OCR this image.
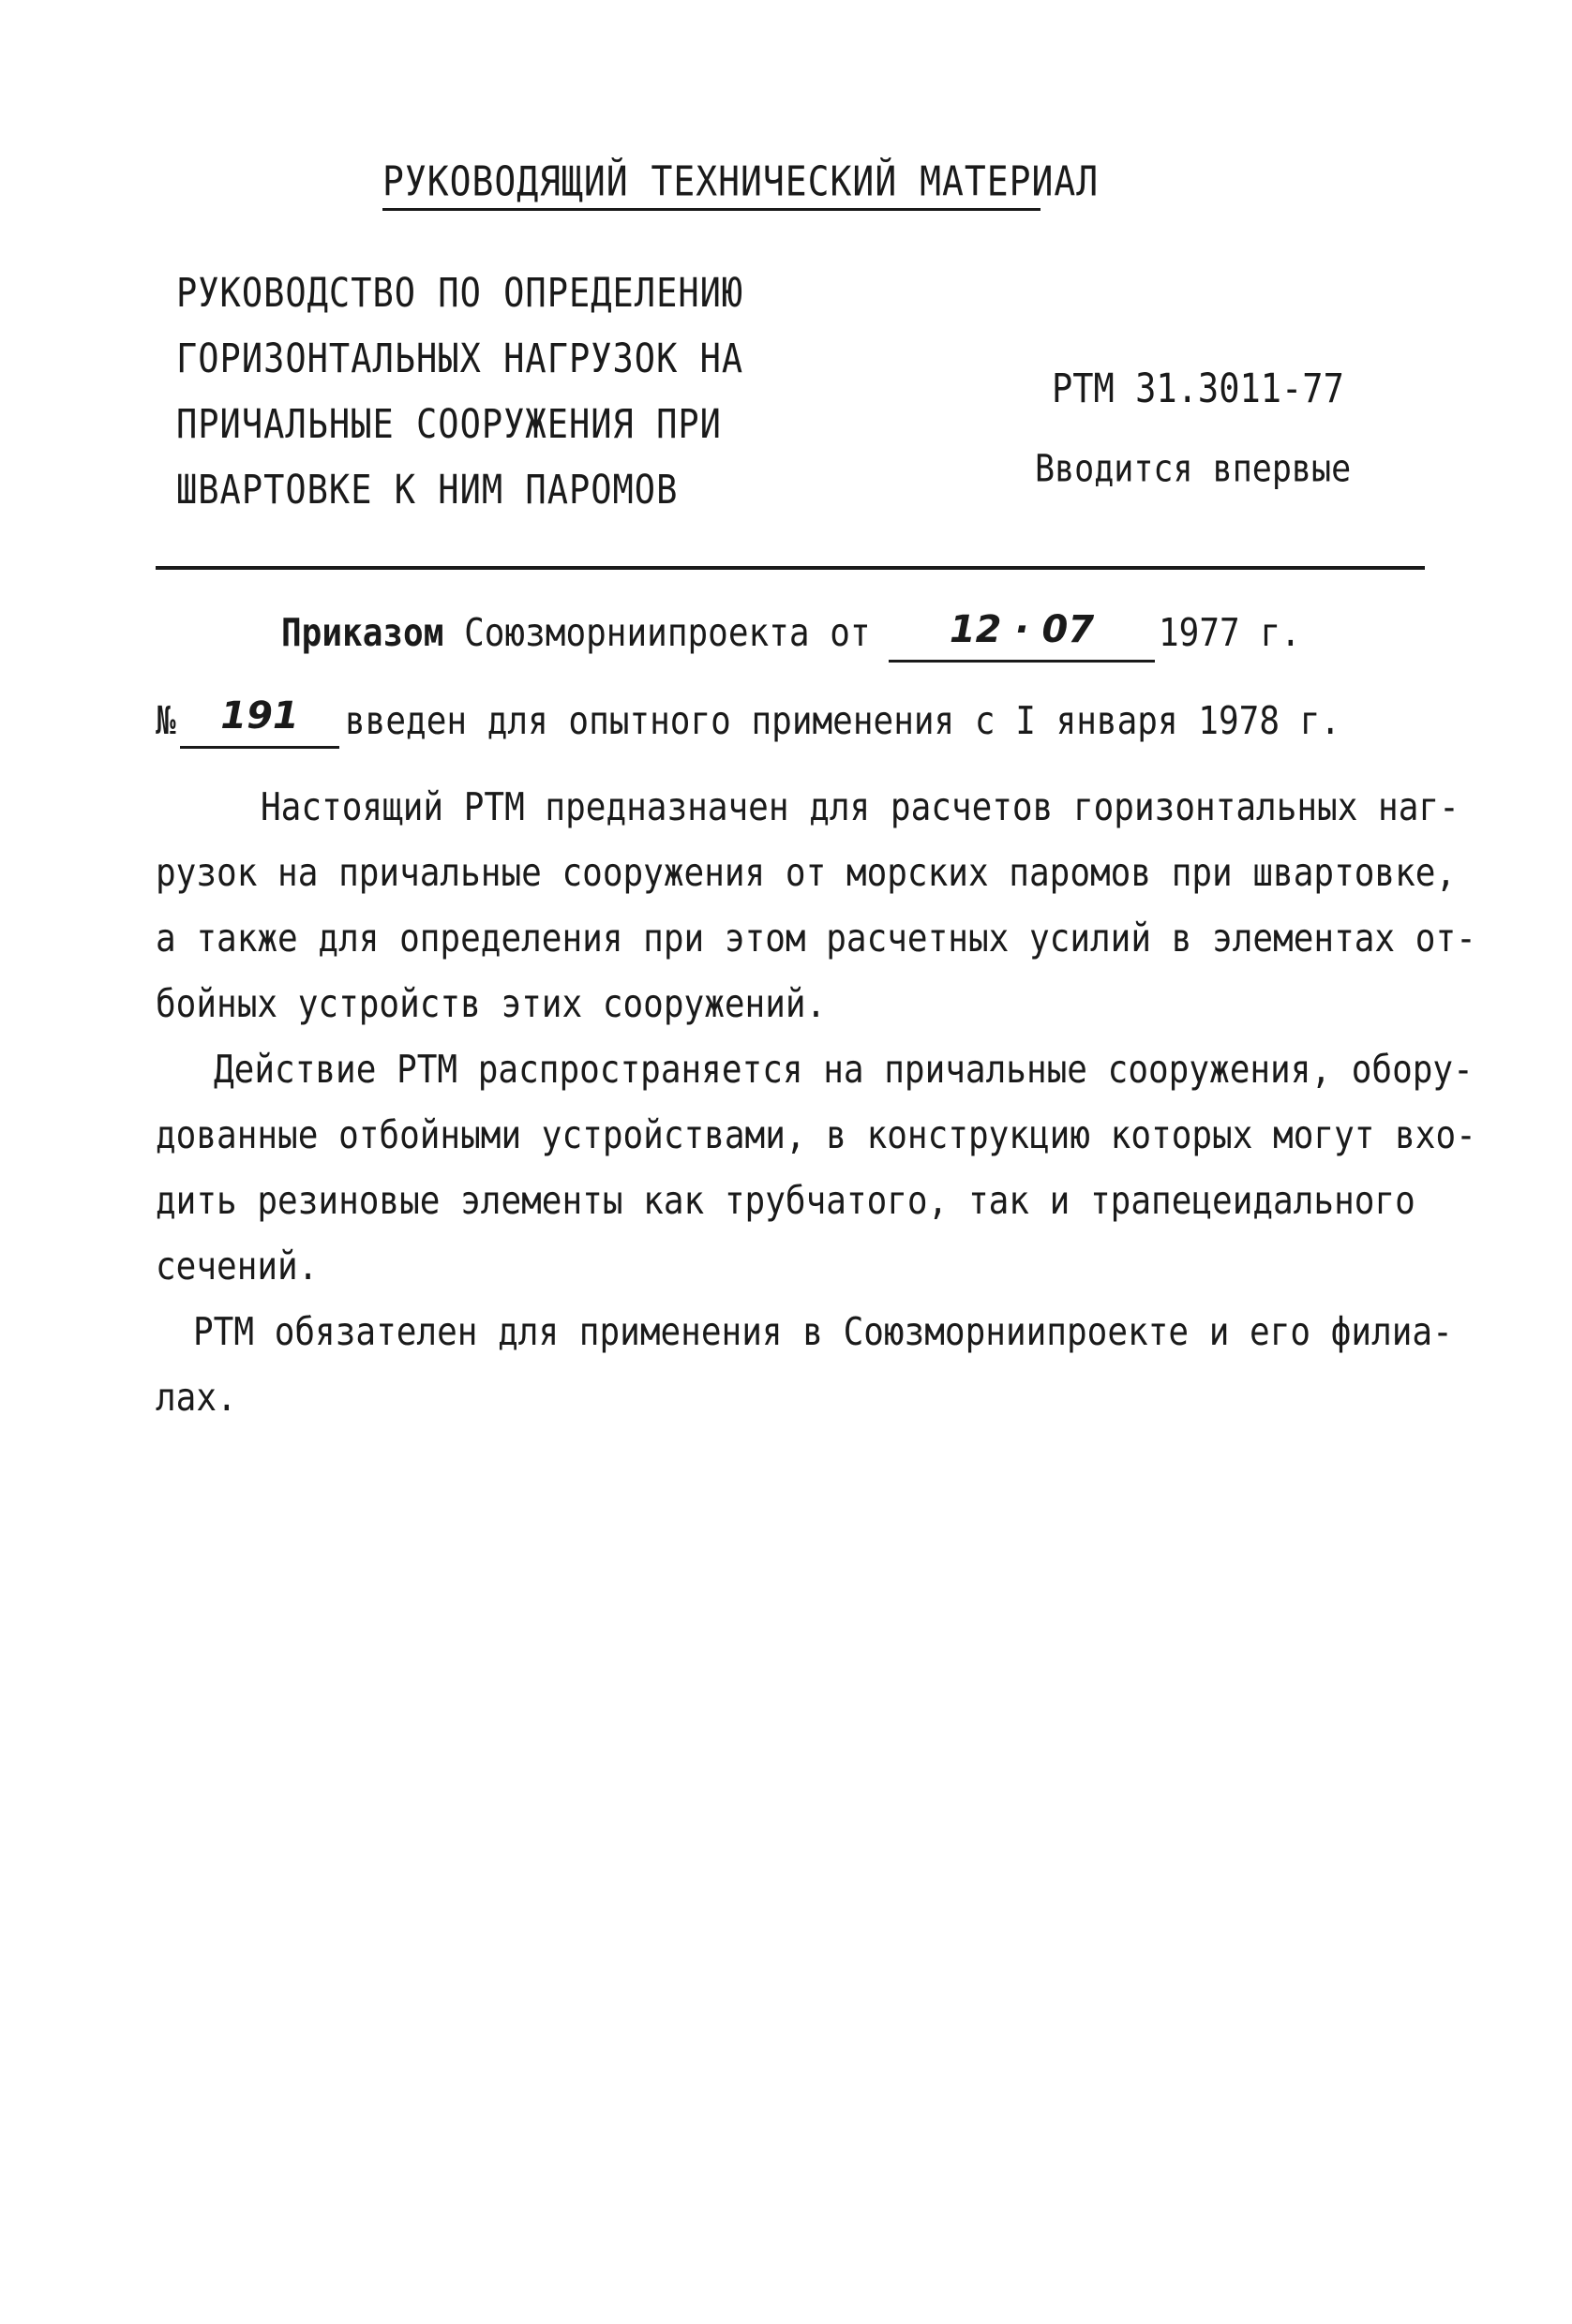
РУКОВОДЯЩИЙ ТЕХНИЧЕСКИЙ МАТЕРИАЛ
РУКОВОДСТВО ПО ОПРЕДЕЛЕНИЮ
ГОРИЗОНТАЛЬНЫХ НАГРУЗОК НА
ПРИЧАЛЬНЫЕ СООРУЖЕНИЯ ПРИ
ШВАРТОВКЕ К НИМ ПАРОМОВ
РТМ 31.3011-77
Вводится впервые
Приказом Союзморниипроекта от	12 · 07	1977 г.
№	191	введен для опытного применения с I января 1978 г.
Настоящий РТМ предназначен для расчетов горизонтальных наг-
рузок на причальные сооружения от морских паромов при швартовке,
а также для определения при этом расчетных усилий в элементах от-
бойных устройств этих сооружений.
Действие РТМ распространяется на причальные сооружения, обору-
дованные отбойными устройствами, в конструкцию которых могут вхо-
дить резиновые элементы как трубчатого, так и трапецеидального
сечений.
РТМ обязателен для применения в Союзморниипроекте и его филиа-
лах.
